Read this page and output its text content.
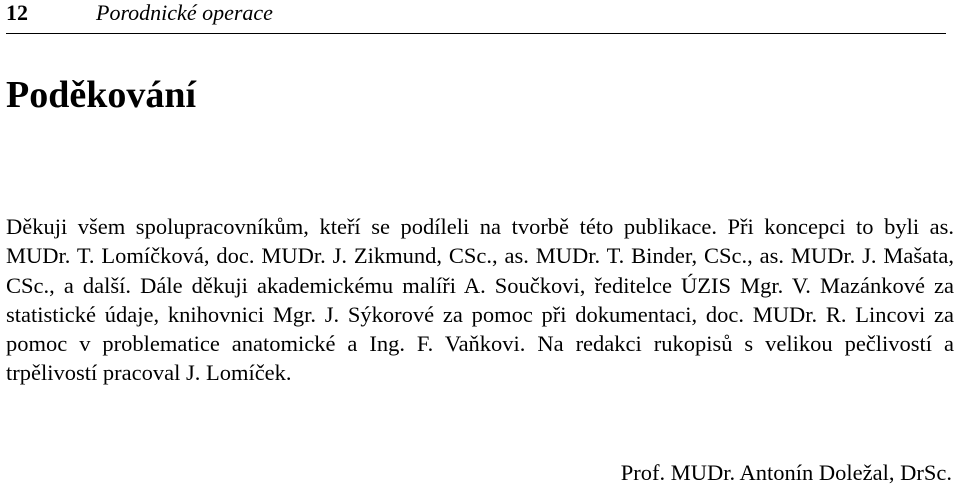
12	Porodnické operace
Poděkování

Děkuji všem spolupracovníkům, kteří se podíleli na tvorbě této publikace. Při koncepci to byli as. MUDr. T. Lomíčková, doc. MUDr. J. Zikmund, CSc., as. MUDr. T. Binder, CSc., as. MUDr. J. Mašata, CSc., a další. Dále děkuji akademickému malíři A. Součkovi, ředitelce ÚZIS Mgr. V. Mazánkové za statistické údaje, knihovnici Mgr. J. Sýkorové za pomoc při dokumentaci, doc. MUDr. R. Lincovi za pomoc v problematice anatomické a Ing. F. Vaňkovi. Na redakci rukopisů s velikou pečlivostí a trpělivostí pracoval J. Lomíček.

Prof. MUDr. Antonín Doležal, DrSc.
